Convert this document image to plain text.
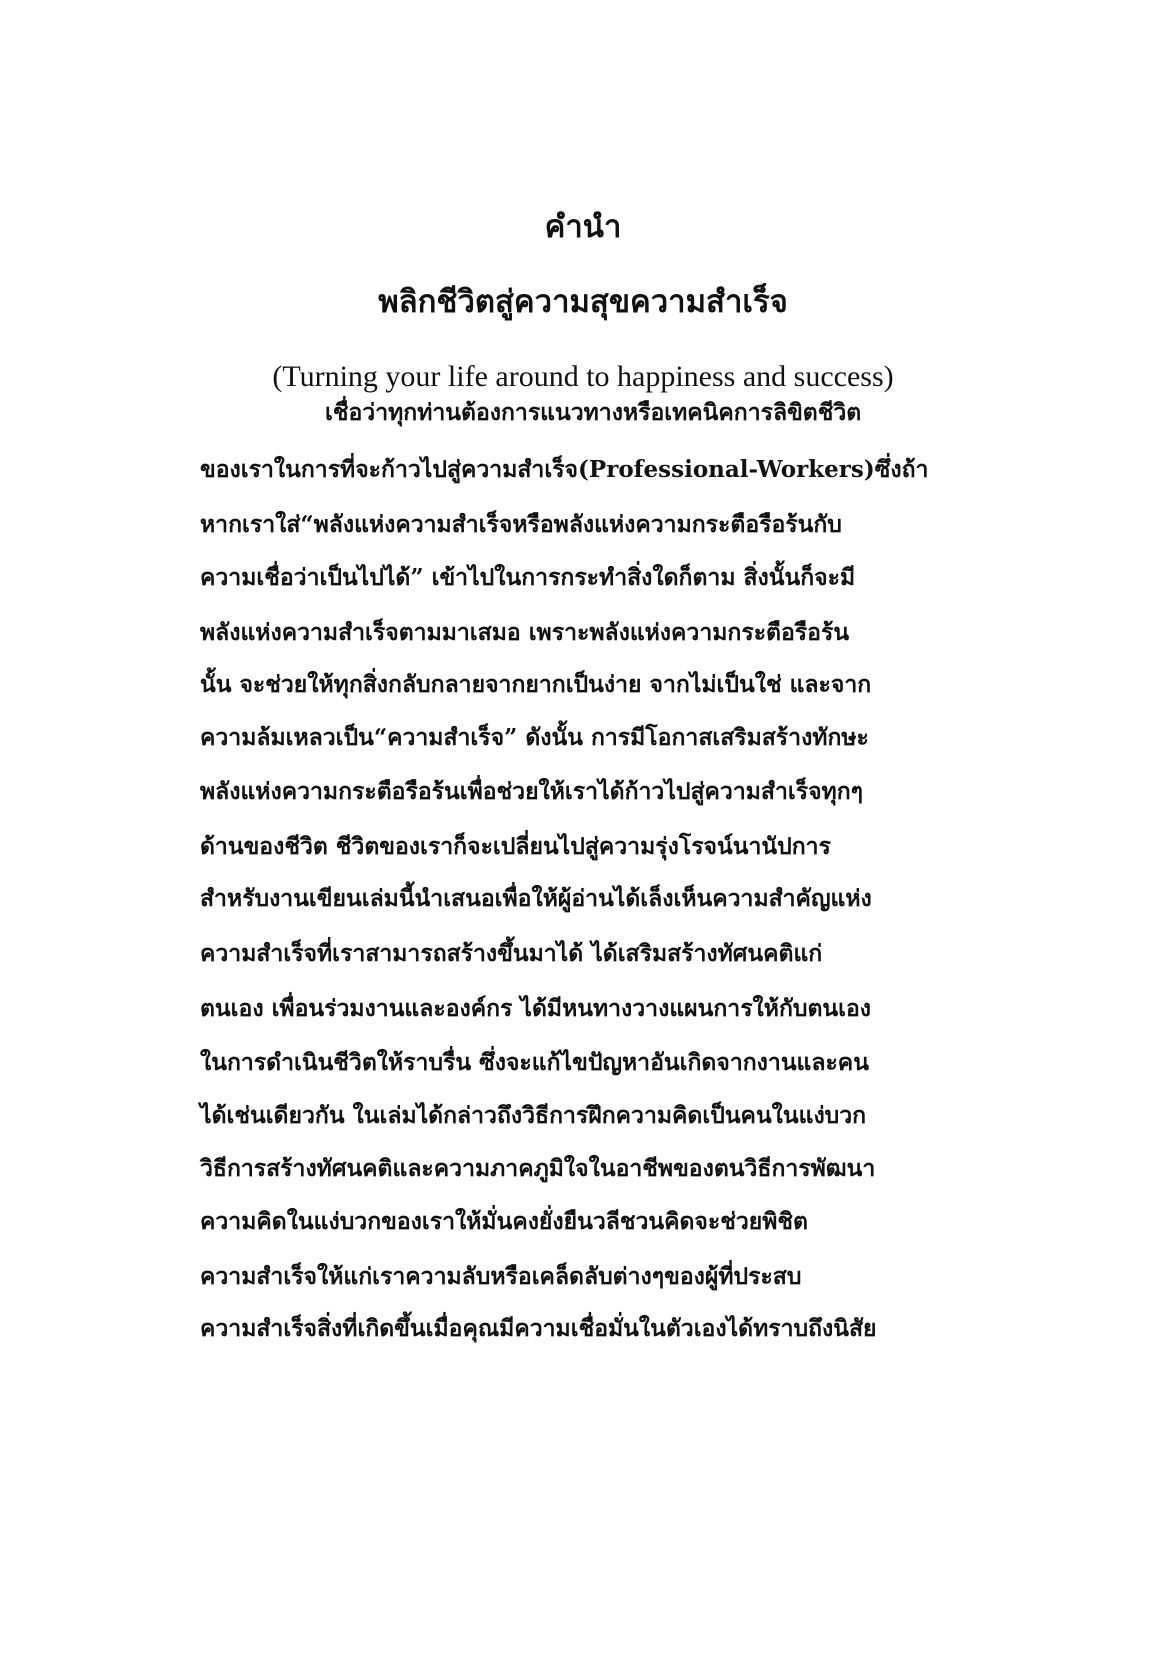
คำนำ
พลิกชีวิตสู่ความสุขความสำเร็จ
(Turning your life around to happiness and success)
เชื่อว่าทุกท่านต้องการแนวทางหรือเทคนิคการลิขิตชีวิต
ของเราในการที่จะก้าวไปสู่ความสำเร็จ(Professional-Workers)ซึ่งถ้า
หากเราใส่“พลังแห่งความสำเร็จหรือพลังแห่งความกระตือรือร้นกับ
ความเชื่อว่าเป็นไปได้” เข้าไปในการกระทำสิ่งใดก็ตาม สิ่งนั้นก็จะมี
พลังแห่งความสำเร็จตามมาเสมอ เพราะพลังแห่งความกระตือรือร้น
นั้น จะช่วยให้ทุกสิ่งกลับกลายจากยากเป็นง่าย จากไม่เป็นใช่ และจาก
ความล้มเหลวเป็น“ความสำเร็จ” ดังนั้น การมีโอกาสเสริมสร้างทักษะ
พลังแห่งความกระตือรือร้นเพื่อช่วยให้เราได้ก้าวไปสู่ความสำเร็จทุกๆ
ด้านของชีวิต ชีวิตของเราก็จะเปลี่ยนไปสู่ความรุ่งโรจน์นานัปการ
สำหรับงานเขียนเล่มนี้นำเสนอเพื่อให้ผู้อ่านได้เล็งเห็นความสำคัญแห่ง
ความสำเร็จที่เราสามารถสร้างขึ้นมาได้ ได้เสริมสร้างทัศนคติแก่
ตนเอง เพื่อนร่วมงานและองค์กร ได้มีหนทางวางแผนการให้กับตนเอง
ในการดำเนินชีวิตให้ราบรื่น ซึ่งจะแก้ไขปัญหาอันเกิดจากงานและคน
ได้เช่นเดียวกัน ในเล่มได้กล่าวถึงวิธีการฝึกความคิดเป็นคนในแง่บวก
วิธีการสร้างทัศนคติและความภาคภูมิใจในอาชีพของตนวิธีการพัฒนา
ความคิดในแง่บวกของเราให้มั่นคงยั่งยืนวลีชวนคิดจะช่วยพิชิต
ความสำเร็จให้แก่เราความลับหรือเคล็ดลับต่างๆของผู้ที่ประสบ
ความสำเร็จสิ่งที่เกิดขึ้นเมื่อคุณมีความเชื่อมั่นในตัวเองได้ทราบถึงนิสัย
